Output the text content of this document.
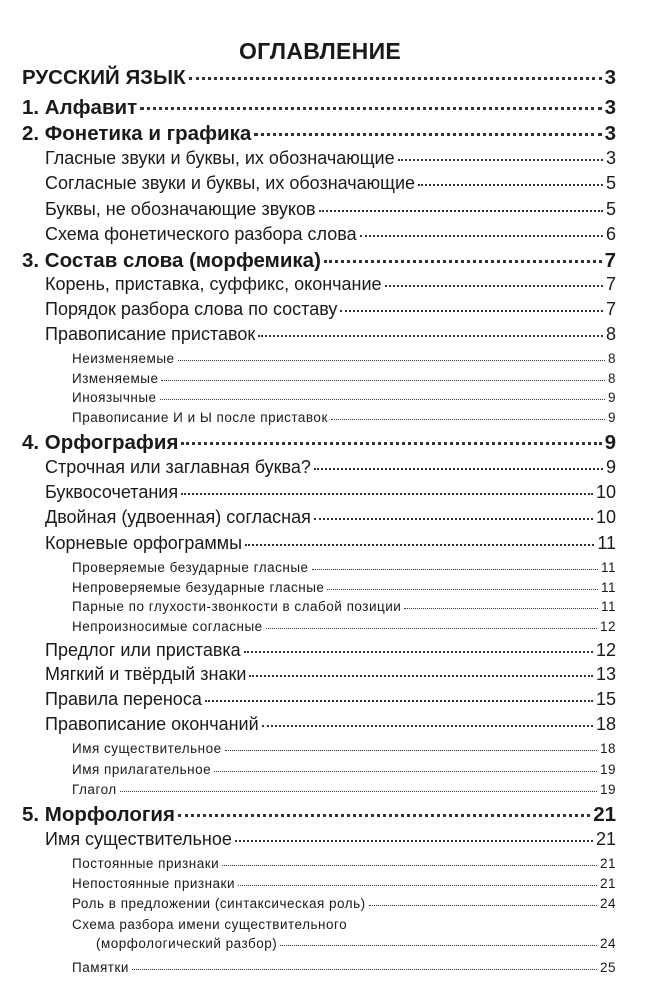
ОГЛАВЛЕНИЕ
РУССКИЙ ЯЗЫК	3
1. Алфавит	3
2. Фонетика и графика	3
Гласные звуки и буквы, их обозначающие	3
Согласные звуки и буквы, их обозначающие	5
Буквы, не обозначающие звуков	5
Схема фонетического разбора слова	6
3. Состав слова (морфемика)	7
Корень, приставка, суффикс, окончание	7
Порядок разбора слова по составу	7
Правописание приставок	8
Неизменяемые	8
Изменяемые	8
Иноязычные	9
Правописание И и Ы после приставок	9
4. Орфография	9
Строчная или заглавная буква?	9
Буквосочетания	10
Двойная (удвоенная) согласная	10
Корневые орфограммы	11
Проверяемые безударные гласные	11
Непроверяемые безударные гласные	11
Парные по глухости-звонкости в слабой позиции	11
Непроизносимые согласные	12
Предлог или приставка	12
Мягкий и твёрдый знаки	13
Правила переноса	15
Правописание окончаний	18
Имя существительное	18
Имя прилагательное	19
Глагол	19
5. Морфология	21
Имя существительное	21
Постоянные признаки	21
Непостоянные признаки	21
Роль в предложении (синтаксическая роль)	24
Схема разбора имени существительного
(морфологический разбор)	24
Памятки	25
